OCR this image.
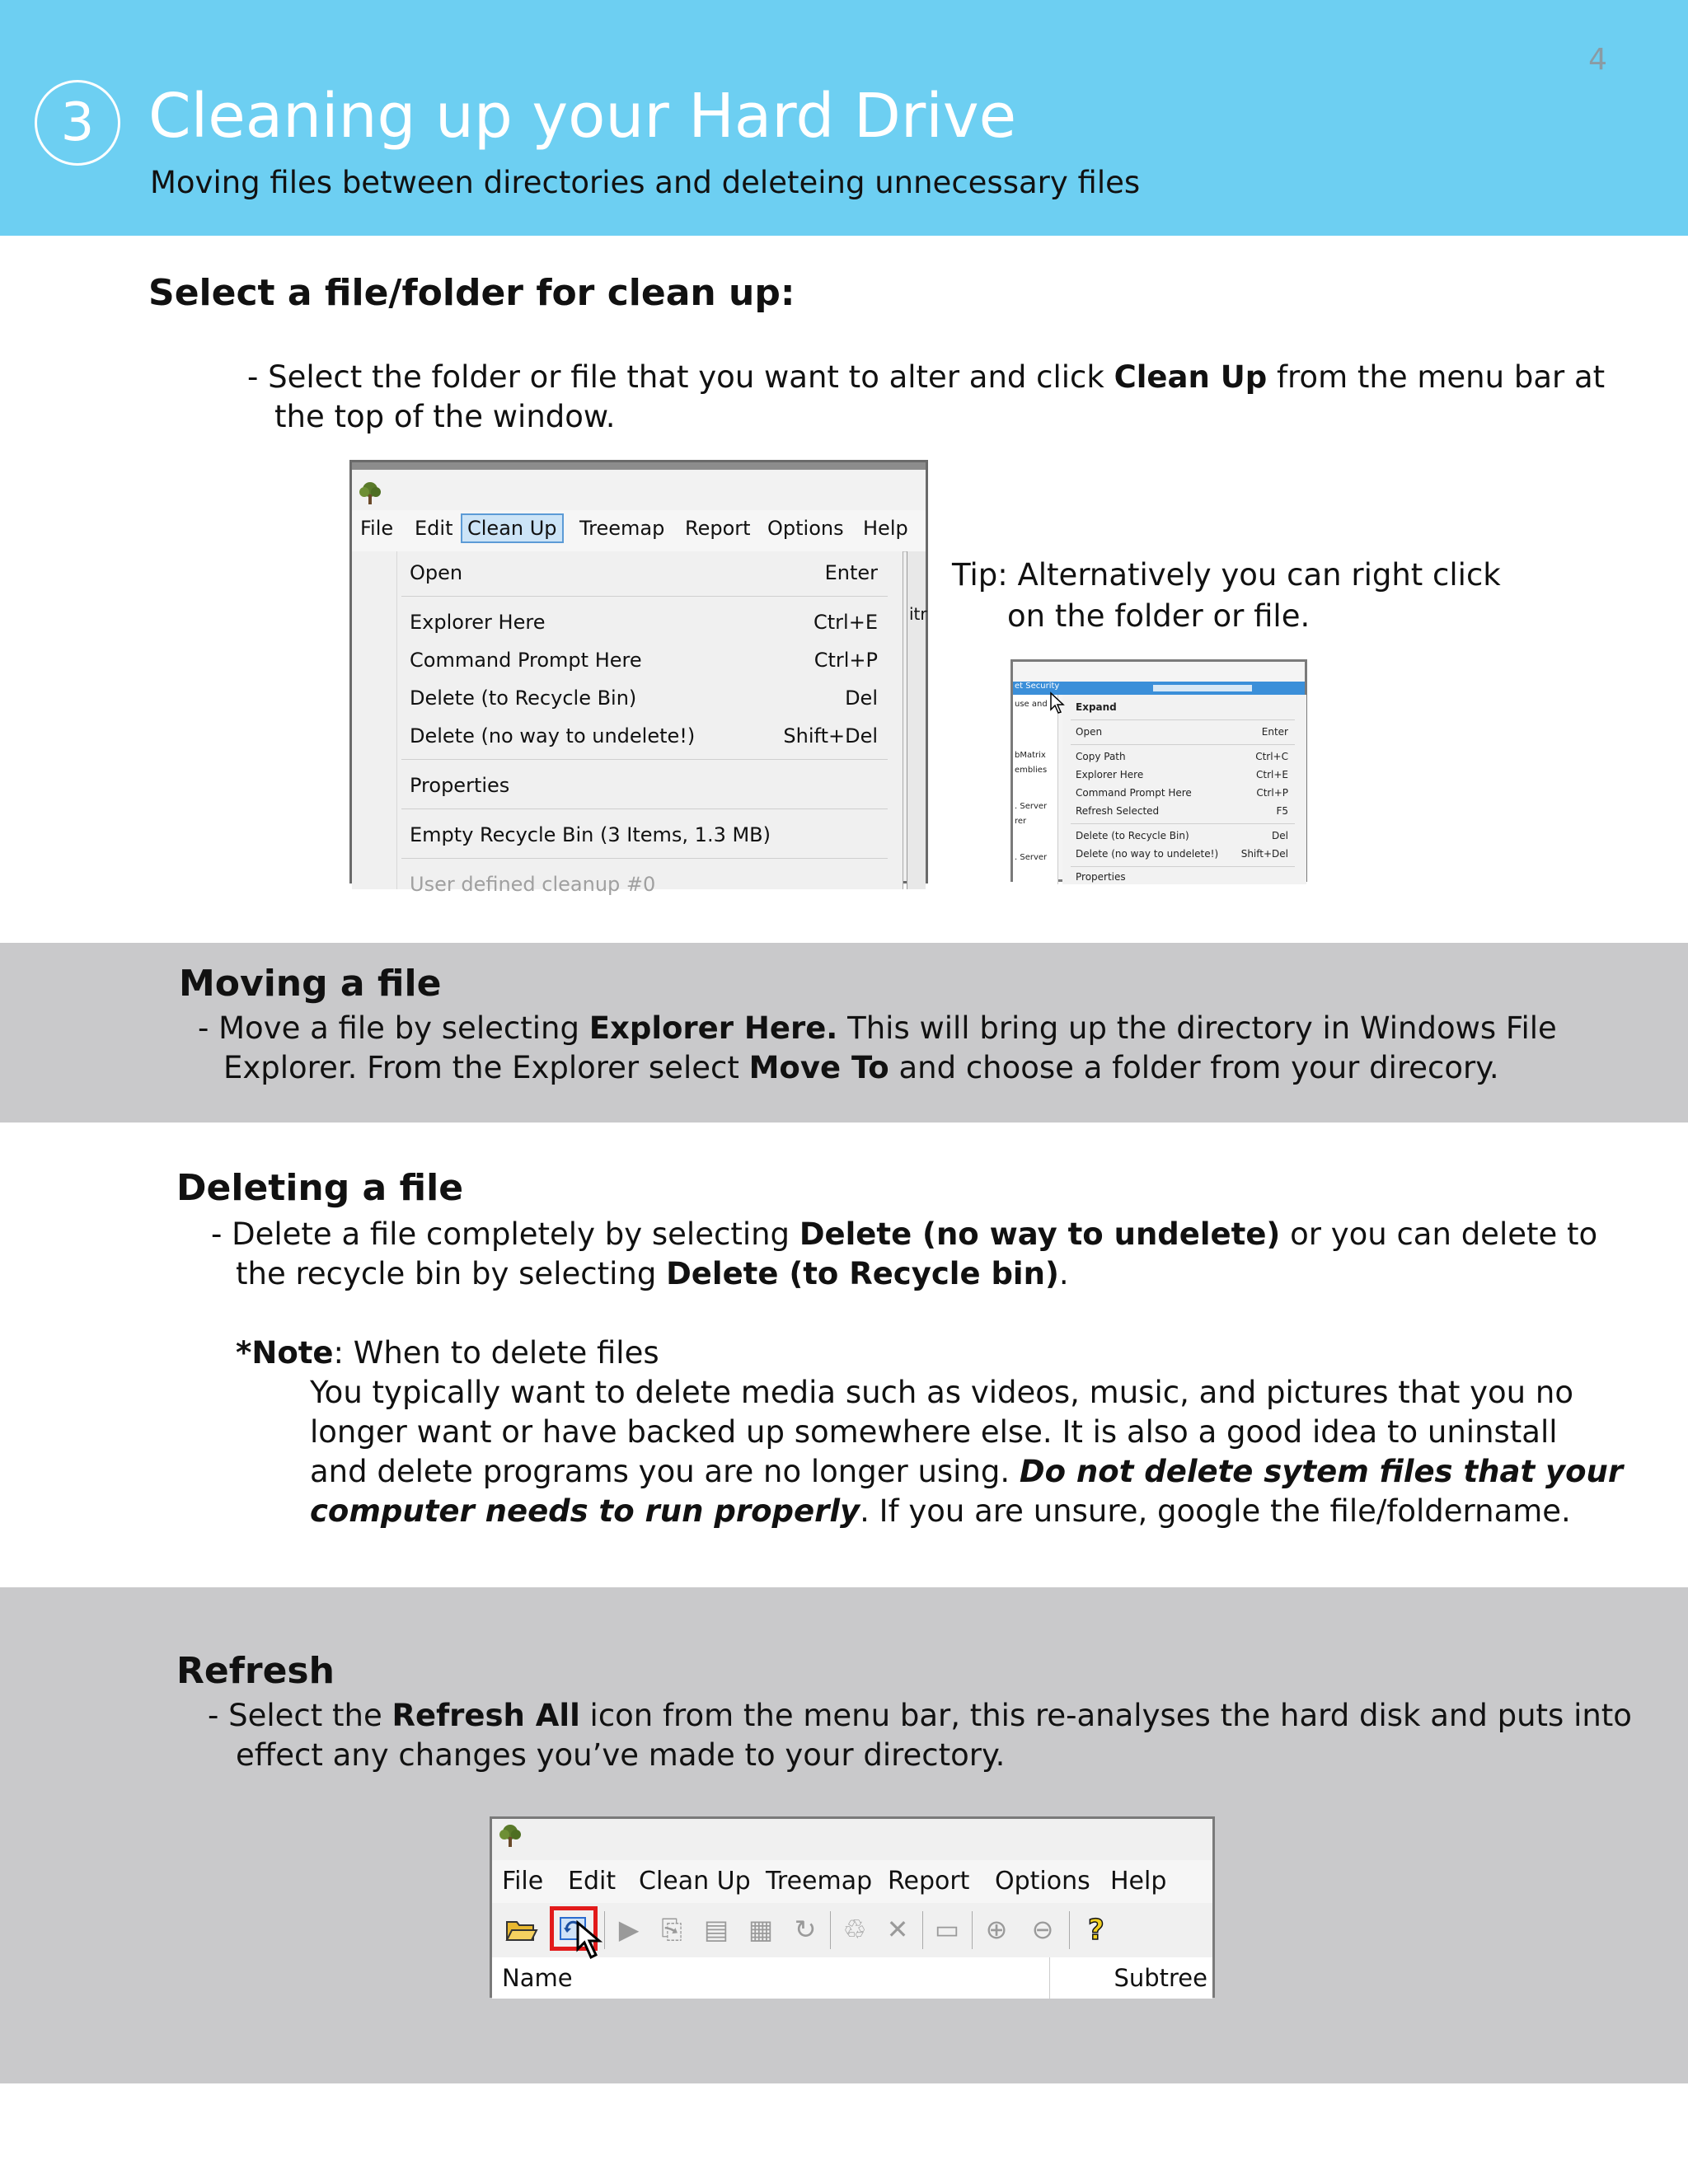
4
3 Cleaning up your Hard Drive
Moving files between directories and deleteing unnecessary files
Select a file/folder for clean up:
- Select the folder or file that you want to alter and click Clean Up from the menu bar at
the top of the window.
File Edit Clean Up	Treemap Report Options Help
Open	Enter
Explorer Here	Ctrl+E
Command Prompt Here	Ctrl+P
Delete (to Recycle Bin)	Del
Delete (no way to undelete!)	Shift+Del
Properties
Empty Recycle Bin (3 Items, 1.3 MB)
User defined cleanup #0
itr
Tip: Alternatively you can right click
on the folder or file.
et Security
use and
bMatrix
emblies
. Server
rer
. Server
Expand
Open	Enter
Copy Path	Ctrl+C
Explorer Here	Ctrl+E
Command Prompt Here	Ctrl+P
Refresh Selected	F5
Delete (to Recycle Bin)	Del
Delete (no way to undelete!) Shift+Del
Properties
Moving a file
- Move a file by selecting Explorer Here. This will bring up the directory in Windows File
Explorer. From the Explorer select Move To and choose a folder from your direcory.
Deleting a file
- Delete a file completely by selecting Delete (no way to undelete) or you can delete to
the recycle bin by selecting Delete (to Recycle bin).
*Note: When to delete files
You typically want to delete media such as videos, music, and pictures that you no
longer want or have backed up somewhere else. It is also a good idea to uninstall
and delete programs you are no longer using. Do not delete sytem files that your
computer needs to run properly. If you are unsure, google the file/foldername.
Refresh
- Select the Refresh All icon from the menu bar, this re-analyses the hard disk and puts into
effect any changes you’ve made to your directory.
File Edit Clean Up Treemap Report Options Help
▶ ⎘ ▤ ▦ ↻ ♲ ✕ ▭ ⊕ ⊖ ?
Name	Subtree
